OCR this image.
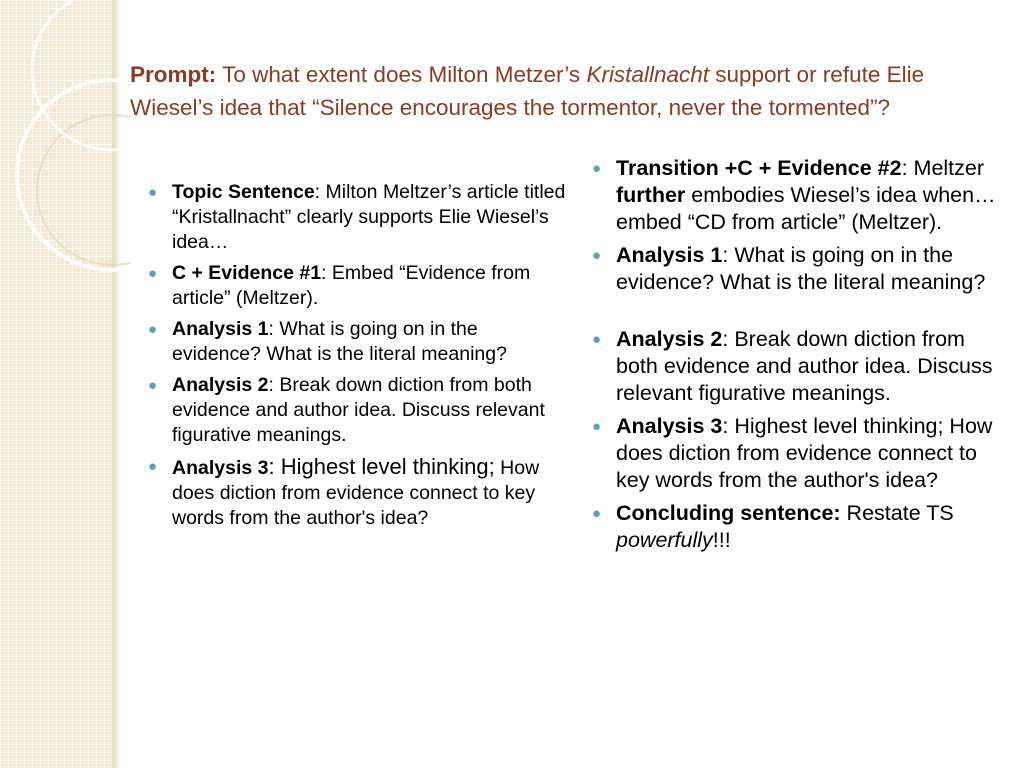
Prompt: To what extent does Milton Metzer’s Kristallnacht support or refute Elie Wiesel’s idea that “Silence encourages the tormentor, never the tormented”?
● Topic Sentence: Milton Meltzer’s article titled “Kristallnacht” clearly supports Elie Wiesel’s idea…
● C + Evidence #1: Embed “Evidence from article” (Meltzer).
● Analysis 1: What is going on in the evidence? What is the literal meaning?
● Analysis 2: Break down diction from both evidence and author idea. Discuss relevant figurative meanings.
● Analysis 3: Highest level thinking; How does diction from evidence connect to key words from the author's idea?
● Transition +C + Evidence #2: Meltzer further embodies Wiesel’s idea when… embed “CD from article” (Meltzer).
● Analysis 1: What is going on in the evidence? What is the literal meaning?
● Analysis 2: Break down diction from both evidence and author idea. Discuss relevant figurative meanings.
● Analysis 3: Highest level thinking; How does diction from evidence connect to key words from the author's idea?
● Concluding sentence: Restate TS powerfully!!!
